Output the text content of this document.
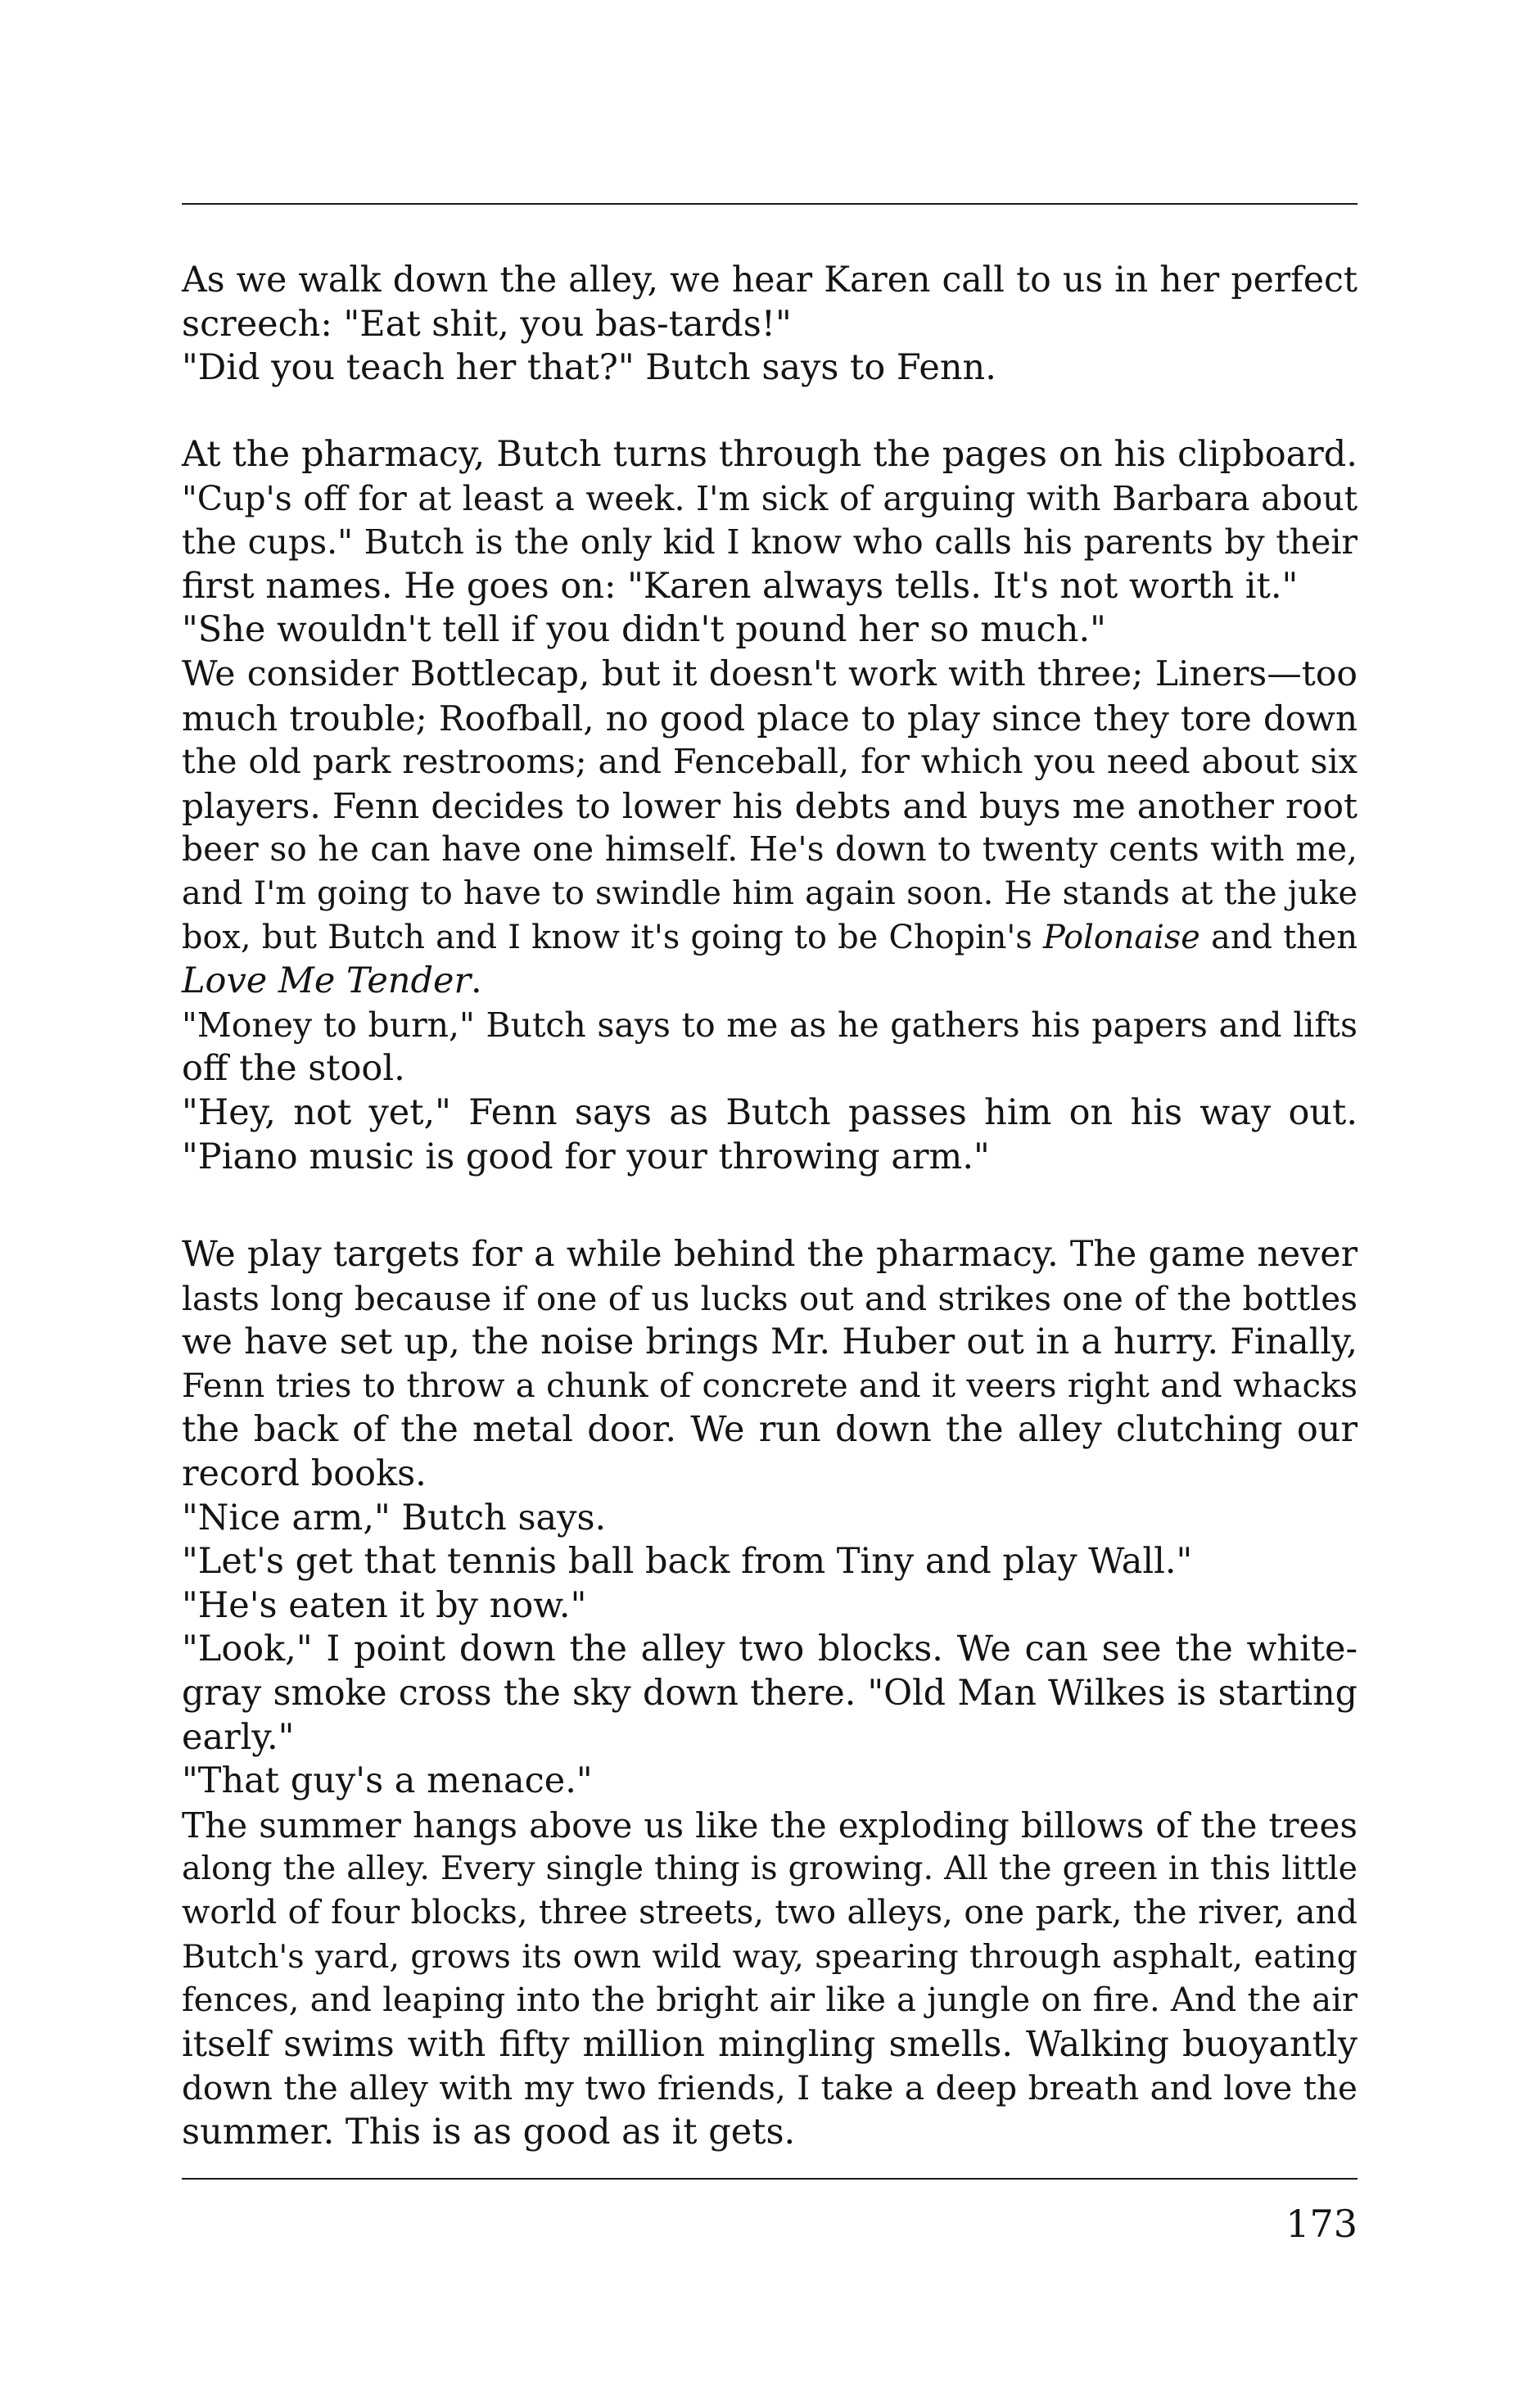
As we walk down the alley, we hear Karen call to us in her perfect
screech: "Eat shit, you bas-tards!"
"Did you teach her that?" Butch says to Fenn.
At the pharmacy, Butch turns through the pages on his clipboard.
"Cup's off for at least a week. I'm sick of arguing with Barbara about
the cups." Butch is the only kid I know who calls his parents by their
first names. He goes on: "Karen always tells. It's not worth it."
"She wouldn't tell if you didn't pound her so much."
We consider Bottlecap, but it doesn't work with three; Liners—too
much trouble; Roofball, no good place to play since they tore down
the old park restrooms; and Fenceball, for which you need about six
players. Fenn decides to lower his debts and buys me another root
beer so he can have one himself. He's down to twenty cents with me,
and I'm going to have to swindle him again soon. He stands at the juke
box, but Butch and I know it's going to be Chopin's Polonaise and then
Love Me Tender.
"Money to burn," Butch says to me as he gathers his papers and lifts
off the stool.
"Hey, not yet," Fenn says as Butch passes him on his way out.
"Piano music is good for your throwing arm."
We play targets for a while behind the pharmacy. The game never
lasts long because if one of us lucks out and strikes one of the bottles
we have set up, the noise brings Mr. Huber out in a hurry. Finally,
Fenn tries to throw a chunk of concrete and it veers right and whacks
the back of the metal door. We run down the alley clutching our
record books.
"Nice arm," Butch says.
"Let's get that tennis ball back from Tiny and play Wall."
"He's eaten it by now."
"Look," I point down the alley two blocks. We can see the white-
gray smoke cross the sky down there. "Old Man Wilkes is starting
early."
"That guy's a menace."
The summer hangs above us like the exploding billows of the trees
along the alley. Every single thing is growing. All the green in this little
world of four blocks, three streets, two alleys, one park, the river, and
Butch's yard, grows its own wild way, spearing through asphalt, eating
fences, and leaping into the bright air like a jungle on fire. And the air
itself swims with fifty million mingling smells. Walking buoyantly
down the alley with my two friends, I take a deep breath and love the
summer. This is as good as it gets.
173
